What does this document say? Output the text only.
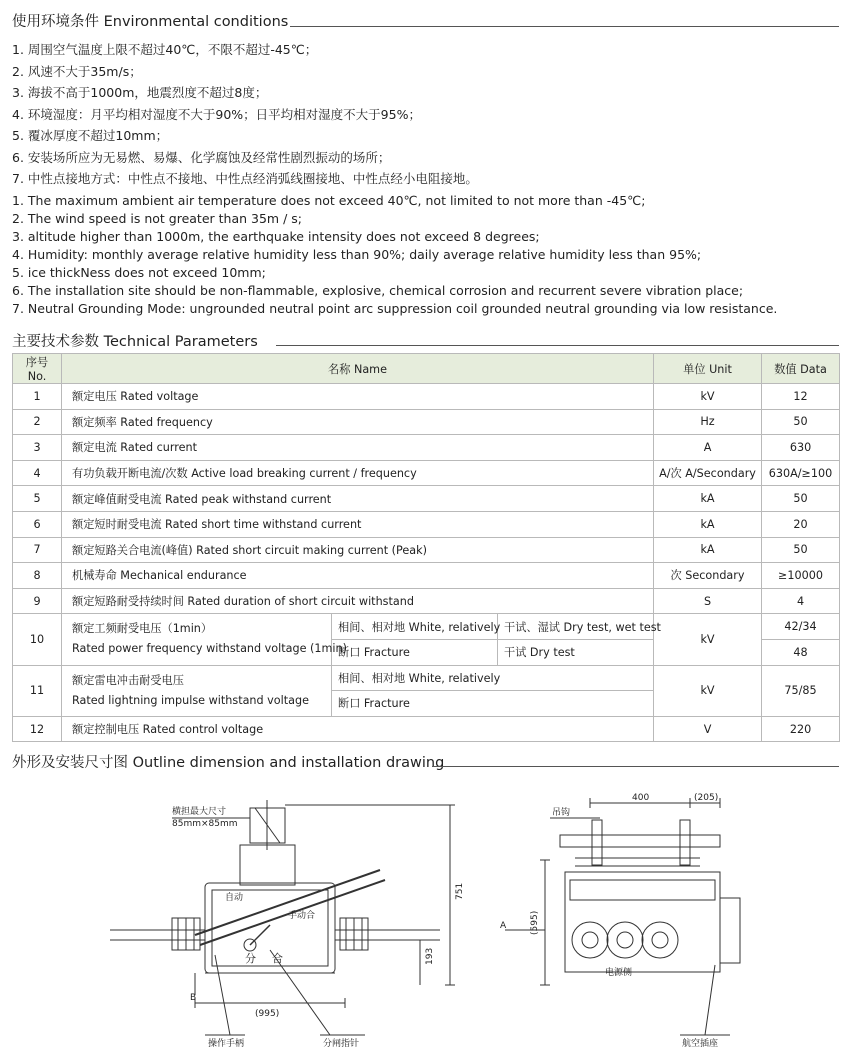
使用环境条件 Environmental conditions
1. 周围空气温度上限不超过40℃，不限不超过-45℃；
2. 风速不大于35m/s；
3. 海拔不高于1000m，地震烈度不超过8度；
4. 环境湿度：月平均相对湿度不大于90%；日平均相对湿度不大于95%；
5. 覆冰厚度不超过10mm；
6. 安装场所应为无易燃、易爆、化学腐蚀及经常性剧烈振动的场所；
7. 中性点接地方式：中性点不接地、中性点经消弧线圈接地、中性点经小电阻接地。
1. The maximum ambient air temperature does not exceed 40℃, not limited to not more than -45℃;
2. The wind speed is not greater than 35m / s;
3. altitude higher than 1000m, the earthquake intensity does not exceed 8 degrees;
4. Humidity: monthly average relative humidity less than 90%; daily average relative humidity less than 95%;
5. ice thickNess does not exceed 10mm;
6. The installation site should be non-flammable, explosive, chemical corrosion and recurrent severe vibration place;
7. Neutral Grounding Mode: ungrounded neutral point arc suppression coil grounded neutral grounding via low resistance.
主要技术参数 Technical Parameters
序号 No.	名称 Name			单位 Unit	数值 Data
1	额定电压 Rated voltage			kV	12
2	额定频率 Rated frequency			Hz	50
3	额定电流 Rated current			A	630
4	有功负载开断电流/次数 Active load breaking current / frequency			A/次 A/Secondary	630A/≥100
5	额定峰值耐受电流 Rated peak withstand current			kA	50
6	额定短时耐受电流 Rated short time withstand current			kA	20
7	额定短路关合电流(峰值) Rated short circuit making current (Peak)			kA	50
8	机械寿命 Mechanical endurance			次 Secondary	≥10000
9	额定短路耐受持续时间 Rated duration of short circuit withstand			S	4
10	额定工频耐受电压（1min）
Rated power frequency withstand voltage (1min)	相间、相对地 White, relatively	干试、湿试 Dry test, wet test	kV	42/34
		断口 Fracture	干试 Dry test		48
11	额定雷电冲击耐受电压
Rated lightning impulse withstand voltage	相间、相对地 White, relatively		kV	75/85
		断口 Fracture			
12	额定控制电压 Rated control voltage			V	220
外形及安装尺寸图 Outline dimension and installation drawing
横担最大尺寸
85mm×85mm
自动
手动合
分 合
751
193
(995)
B
操作手柄	分闸指针
400	(205)
吊钩
(595)
A
电源侧
航空插座
